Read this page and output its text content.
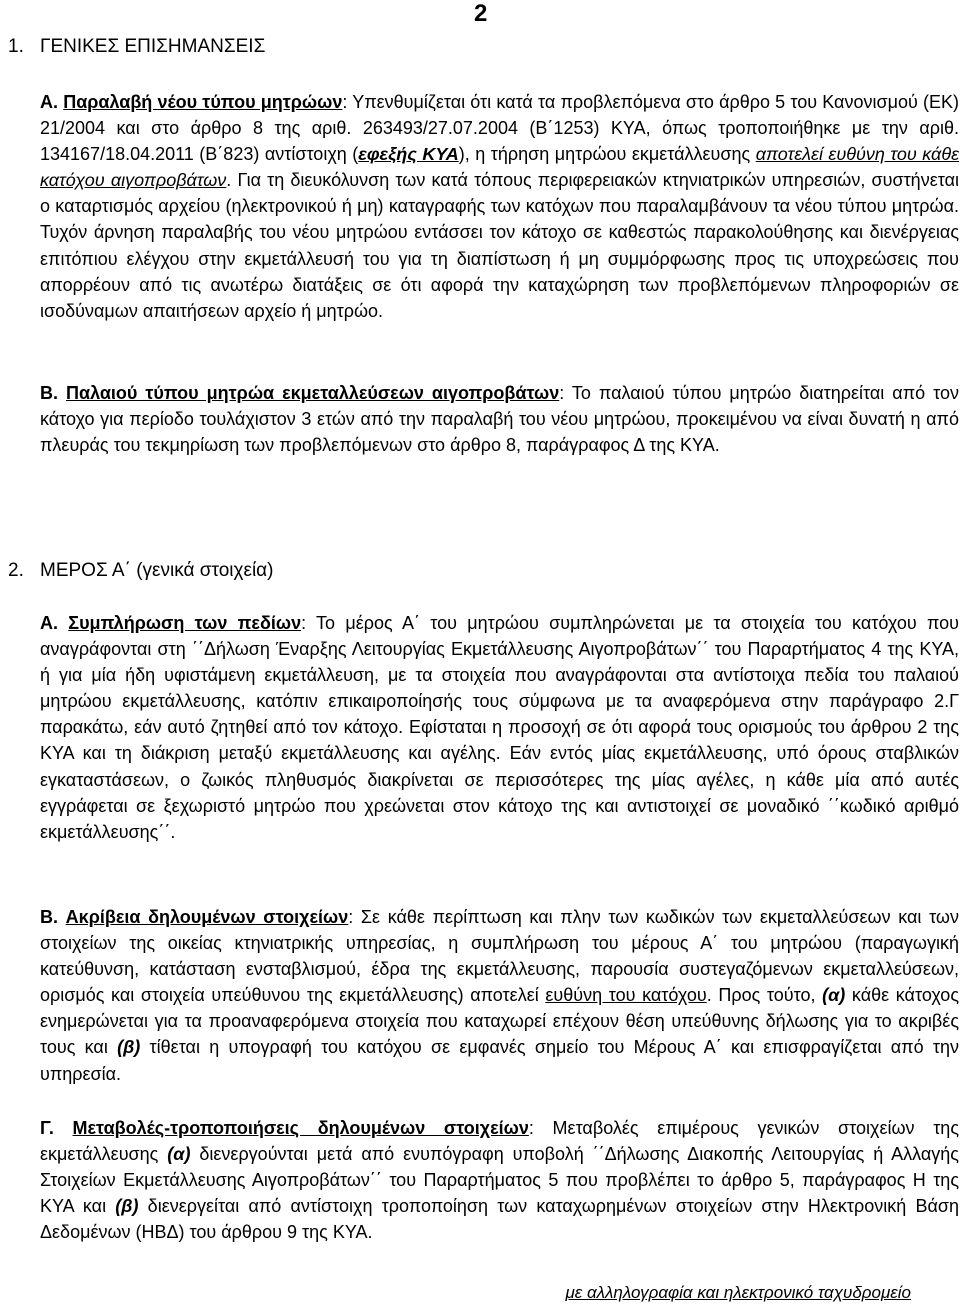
2
1. ΓΕΝΙΚΕΣ ΕΠΙΣΗΜΑΝΣΕΙΣ
Α. Παραλαβή νέου τύπου μητρώων: Υπενθυμίζεται ότι κατά τα προβλεπόμενα στο άρθρο 5 του Κανονισμού (ΕΚ) 21/2004 και στο άρθρο 8 της αριθ. 263493/27.07.2004 (Β΄1253) ΚΥΑ, όπως τροποποιήθηκε με την αριθ. 134167/18.04.2011 (Β΄823) αντίστοιχη (εφεξής ΚΥΑ), η τήρηση μητρώου εκμετάλλευσης αποτελεί ευθύνη του κάθε κατόχου αιγοπροβάτων. Για τη διευκόλυνση των κατά τόπους περιφερειακών κτηνιατρικών υπηρεσιών, συστήνεται ο καταρτισμός αρχείου (ηλεκτρονικού ή μη) καταγραφής των κατόχων που παραλαμβάνουν τα νέου τύπου μητρώα. Τυχόν άρνηση παραλαβής του νέου μητρώου εντάσσει τον κάτοχο σε καθεστώς παρακολούθησης και διενέργειας επιτόπιου ελέγχου στην εκμετάλλευσή του για τη διαπίστωση ή μη συμμόρφωσης προς τις υποχρεώσεις που απορρέουν από τις ανωτέρω διατάξεις σε ότι αφορά την καταχώρηση των προβλεπόμενων πληροφοριών σε ισοδύναμων απαιτήσεων αρχείο ή μητρώο.
Β. Παλαιού τύπου μητρώα εκμεταλλεύσεων αιγοπροβάτων: Το παλαιού τύπου μητρώο διατηρείται από τον κάτοχο για περίοδο τουλάχιστον 3 ετών από την παραλαβή του νέου μητρώου, προκειμένου να είναι δυνατή η από πλευράς του τεκμηρίωση των προβλεπόμενων στο άρθρο 8, παράγραφος Δ της ΚΥΑ.
2. ΜΕΡΟΣ Α΄ (γενικά στοιχεία)
Α. Συμπλήρωση των πεδίων: Το μέρος Α΄ του μητρώου συμπληρώνεται με τα στοιχεία του κατόχου που αναγράφονται στη ΄΄Δήλωση Έναρξης Λειτουργίας Εκμετάλλευσης Αιγοπροβάτων΄΄ του Παραρτήματος 4 της ΚΥΑ, ή για μία ήδη υφιστάμενη εκμετάλλευση, με τα στοιχεία που αναγράφονται στα αντίστοιχα πεδία του παλαιού μητρώου εκμετάλλευσης, κατόπιν επικαιροποίησής τους σύμφωνα με τα αναφερόμενα στην παράγραφο 2.Γ παρακάτω, εάν αυτό ζητηθεί από τον κάτοχο. Εφίσταται η προσοχή σε ότι αφορά τους ορισμούς του άρθρου 2 της ΚΥΑ και τη διάκριση μεταξύ εκμετάλλευσης και αγέλης. Εάν εντός μίας εκμετάλλευσης, υπό όρους σταβλικών εγκαταστάσεων, ο ζωικός πληθυσμός διακρίνεται σε περισσότερες της μίας αγέλες, η κάθε μία από αυτές εγγράφεται σε ξεχωριστό μητρώο που χρεώνεται στον κάτοχο της και αντιστοιχεί σε μοναδικό ΄΄κωδικό αριθμό εκμετάλλευσης΄΄.
Β. Ακρίβεια δηλουμένων στοιχείων: Σε κάθε περίπτωση και πλην των κωδικών των εκμεταλλεύσεων και των στοιχείων της οικείας κτηνιατρικής υπηρεσίας, η συμπλήρωση του μέρους Α΄ του μητρώου (παραγωγική κατεύθυνση, κατάσταση ενσταβλισμού, έδρα της εκμετάλλευσης, παρουσία συστεγαζόμενων εκμεταλλεύσεων, ορισμός και στοιχεία υπεύθυνου της εκμετάλλευσης) αποτελεί ευθύνη του κατόχου. Προς τούτο, (α) κάθε κάτοχος ενημερώνεται για τα προαναφερόμενα στοιχεία που καταχωρεί επέχουν θέση υπεύθυνης δήλωσης για το ακριβές τους και (β) τίθεται η υπογραφή του κατόχου σε εμφανές σημείο του Μέρους Α΄ και επισφραγίζεται από την υπηρεσία.
Γ. Μεταβολές-τροποποιήσεις δηλουμένων στοιχείων: Μεταβολές επιμέρους γενικών στοιχείων της εκμετάλλευσης (α) διενεργούνται μετά από ενυπόγραφη υποβολή ΄΄Δήλωσης Διακοπής Λειτουργίας ή Αλλαγής Στοιχείων Εκμετάλλευσης Αιγοπροβάτων΄΄ του Παραρτήματος 5 που προβλέπει το άρθρο 5, παράγραφος Η της ΚΥΑ και (β) διενεργείται από αντίστοιχη τροποποίηση των καταχωρημένων στοιχείων στην Ηλεκτρονική Βάση Δεδομένων (ΗΒΔ) του άρθρου 9 της ΚΥΑ.
με αλληλογραφία και ηλεκτρονικό ταχυδρομείο
